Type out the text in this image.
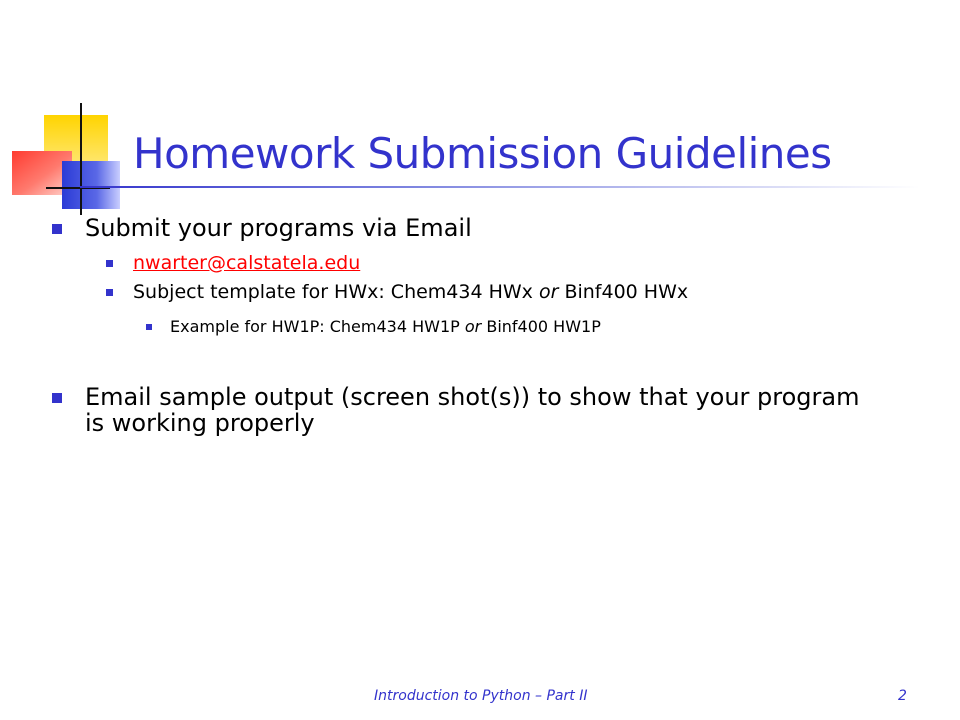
Homework Submission Guidelines
Submit your programs via Email
nwarter@calstatela.edu
Subject template for HWx: Chem434 HWx or Binf400 HWx
Example for HW1P: Chem434 HW1P or Binf400 HW1P
Email sample output (screen shot(s)) to show that your program is working properly
Introduction to Python – Part II	2
